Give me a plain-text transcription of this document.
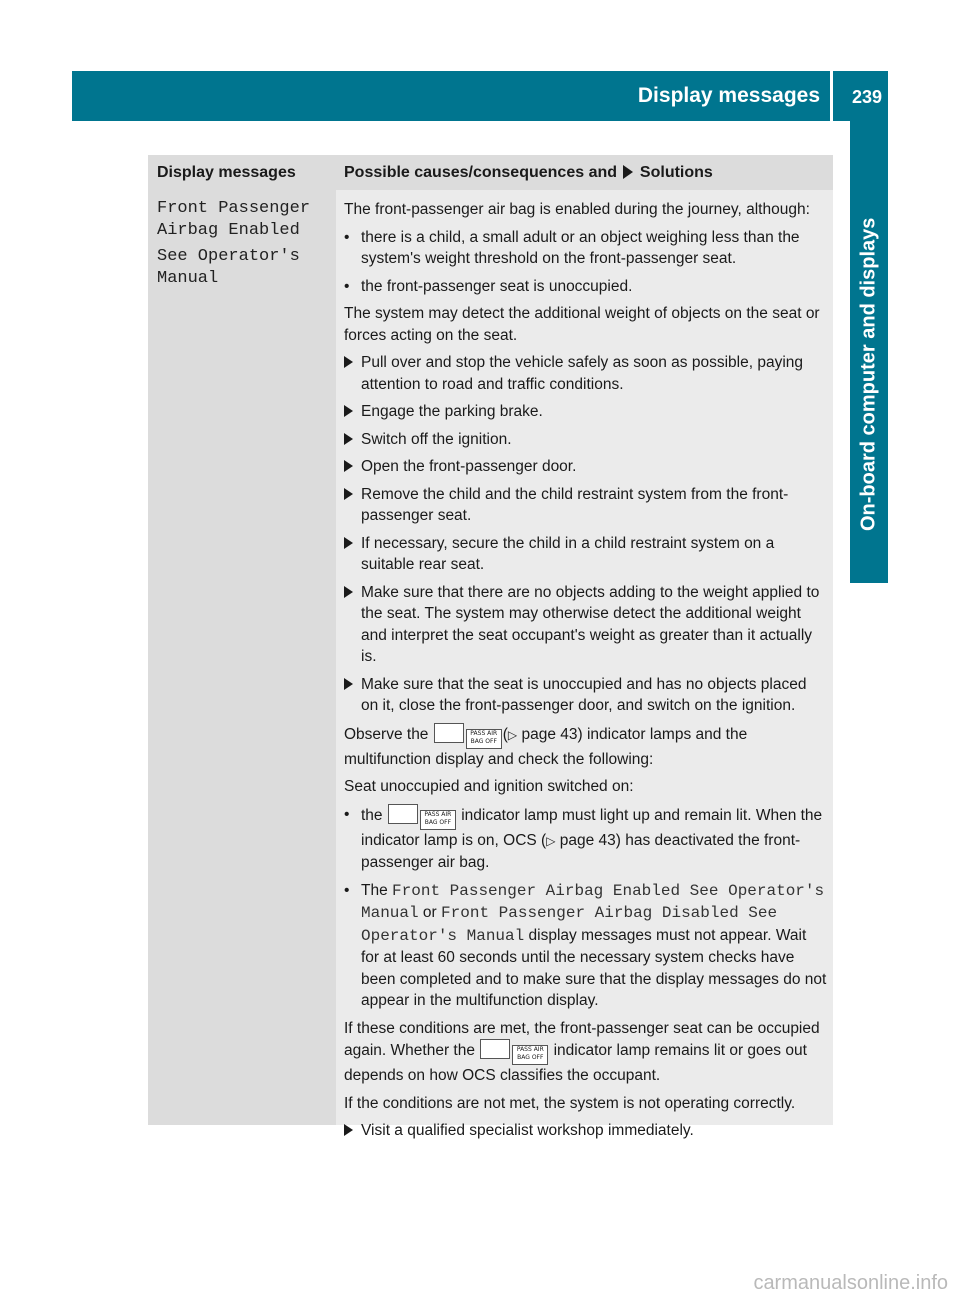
Display messages 239
On-board computer and displays
Display messages	Possible causes/consequences and Solutions
Front Passenger
Airbag Enabled
See Operator's
Manual

The front-passenger air bag is enabled during the journey, although:

• there is a child, a small adult or an object weighing less than the system's weight threshold on the front-passenger seat.
• the front-passenger seat is unoccupied.

The system may detect the additional weight of objects on the seat or forces acting on the seat.

Pull over and stop the vehicle safely as soon as possible, paying attention to road and traffic conditions.
Engage the parking brake.
Switch off the ignition.
Open the front-passenger door.
Remove the child and the child restraint system from the front-passenger seat.
If necessary, secure the child in a child restraint system on a suitable rear seat.
Make sure that there are no objects adding to the weight applied to the seat. The system may otherwise detect the additional weight and interpret the seat occupant's weight as greater than it actually is.
Make sure that the seat is unoccupied and has no objects placed on it, close the front-passenger door, and switch on the ignition.

Observe the	PASS AIR BAG OFF (▷ page 43) indicator lamps and the multifunction display and check the following:

Seat unoccupied and ignition switched on:

• the	PASS AIR BAG OFF indicator lamp must light up and remain lit. When the indicator lamp is on, OCS (▷ page 43) has deactivated the front-passenger air bag.
• The Front Passenger Airbag Enabled See Operator's Manual or Front Passenger Airbag Disabled See Operator's Manual display messages must not appear. Wait for at least 60 seconds until the necessary system checks have been completed and to make sure that the display messages do not appear in the multifunction display.

If these conditions are met, the front-passenger seat can be occupied again. Whether the	PASS AIR BAG OFF indicator lamp remains lit or goes out depends on how OCS classifies the occupant.

If the conditions are not met, the system is not operating correctly.

Visit a qualified specialist workshop immediately.
carmanualsonline.info
